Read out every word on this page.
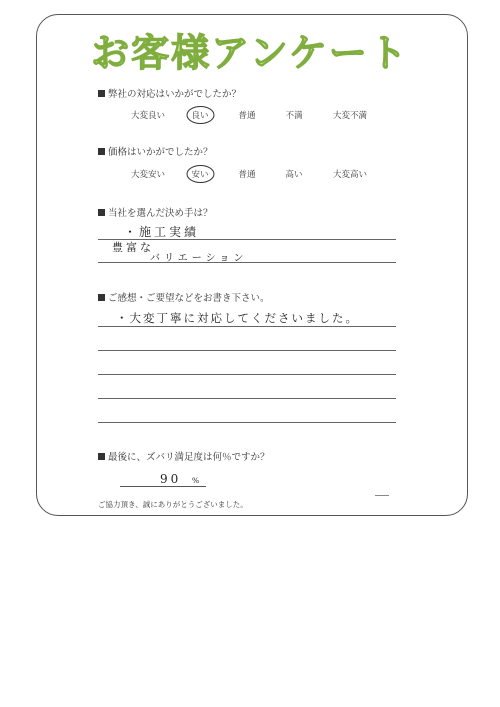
お客様アンケート
弊社の対応はいかがでしたか？
大変良い	良い	普通	不満	大変不満
価格はいかがでしたか？
大変安い	安い	普通	高い	大変高い
当社を選んだ決め手は？
・施工実績
豊富な
バリエーション
ご感想・ご要望などをお書き下さい。
・大変丁寧に対応してくださいました。
最後に、ズバリ満足度は何％ですか？
90 %
ご協力頂き、誠にありがとうございました。
